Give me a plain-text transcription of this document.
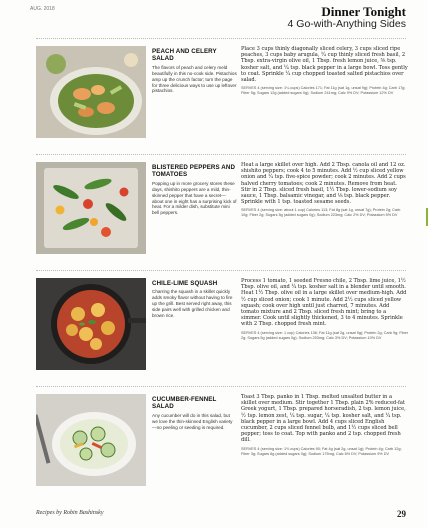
AUG. 2018	Dinner Tonight
4 Go-with-Anything Sides
PEACH AND CELERY SALAD
The flavors of peach and celery meld beautifully in this no-cook side. Pistachios amp up the crunch factor; turn the page for three delicious ways to use up leftover pistachios.
Place 3 cups thinly diagonally sliced celery, 3 cups sliced ripe peaches, 3 cups baby arugula, ¼ cup thinly sliced fresh basil, 2 Tbsp. extra-virgin olive oil, 1 Tbsp. fresh lemon juice, ⅜ tsp. kosher salt, and ¼ tsp. black pepper in a large bowl. Toss gently to coat. Sprinkle ¼ cup chopped toasted salted pistachios over salad.
SERVES 4 (serving size: 1¼ cups) Calories 171; Fat 11g (sat 1g, unsat 9g); Protein 4g; Carb 17g; Fiber 5g; Sugars 12g (added sugars 0g); Sodium 241mg; Calc 9% DV; Potassium 12% DV
BLISTERED PEPPERS AND TOMATOES
Popping up in more grocery stores these days, shishito peppers are a mild, thin-skinned pepper that have a secret—about one in eight has a surprising kick of heat. For a milder dish, substitute mini bell peppers.
Heat a large skillet over high. Add 2 Tbsp. canola oil and 12 oz. shishito peppers; cook 4 to 5 minutes. Add ½ cup sliced yellow onion and ¼ tsp. five-spice powder; cook 2 minutes. Add 2 cups halved cherry tomatoes; cook 2 minutes. Remove from heat. Stir in 2 Tbsp. sliced fresh basil, 1½ Tbsp. lower-sodium soy sauce, 1 Tbsp. balsamic vinegar, and ⅛ tsp. black pepper. Sprinkle with 1 tsp. toasted sesame seeds.
SERVES 4 (serving size: about 1 cup) Calories 113; Fat 8g (sat 1g, unsat 7g); Protein 2g; Carb 10g; Fiber 2g; Sugars 5g (added sugars 0g); Sodium 223mg; Calc 2% DV; Potassium 5% DV
CHILE-LIME SQUASH
Charring the squash in a skillet quickly adds smoky flavor without having to fire up the grill. Best served right away, this side pairs well with grilled chicken and brown rice.
Process 1 tomato, 1 seeded Fresno chile, 2 Tbsp. lime juice, 1½ Tbsp. olive oil, and ¼ tsp. kosher salt in a blender until smooth. Heat 1½ Tbsp. olive oil in a large skillet over medium-high. Add ½ cup sliced onion; cook 1 minute. Add 2½ cups sliced yellow squash; cook over high until just charred, 7 minutes. Add tomato mixture and 2 Tbsp. sliced fresh mint; bring to a simmer. Cook until slightly thickened, 3 to 4 minutes. Sprinkle with 2 Tbsp. chopped fresh mint.
SERVES 4 (serving size: 1 cup) Calories 136; Fat 11g (sat 2g, unsat 9g); Protein 2g; Carb 9g; Fiber 2g; Sugars 5g (added sugars 0g); Sodium 253mg; Calc 3% DV; Potassium 10% DV
CUCUMBER-FENNEL SALAD
Any cucumber will do in this salad, but we love the thin-skinned English variety—no peeling or seeding is required.
Toast 3 Tbsp. panko in 1 Tbsp. melted unsalted butter in a skillet over medium. Stir together 1 Tbsp. plain 2% reduced-fat Greek yogurt, 1 Tbsp. prepared horseradish, 2 tsp. lemon juice, ½ tsp. lemon zest, ¼ tsp. sugar, ¼ tsp. kosher salt, and ¼ tsp. black pepper in a large bowl. Add 4 cups sliced English cucumber, 2 cups sliced fennel bulb, and 1½ cups sliced bell pepper; toss to coat. Top with panko and 2 tsp. chopped fresh dill.
SERVES 4 (serving size: 1⅔ cups) Calories 90; Fat 4g (sat 2g, unsat 1g); Protein 4g; Carb 12g; Fiber 3g; Sugars 6g (added sugars 0g); Sodium 175mg; Calc 6% DV; Potassium 9% DV
Recipes by Robin Bashinsky	29
